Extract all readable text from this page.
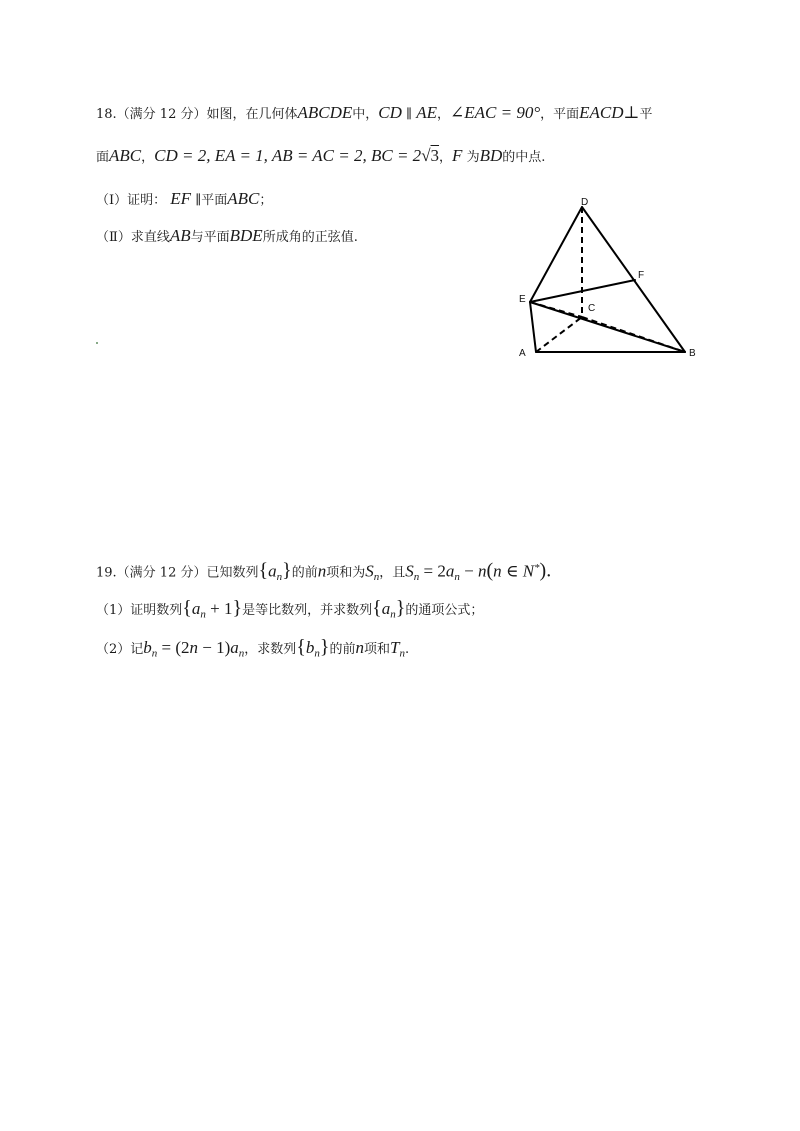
18.（满分 12 分）如图，在几何体ABCDE中，CD ∥ AE，∠EAC = 90°，平面EACD⊥平
面ABC，CD = 2, EA = 1, AB = AC = 2, BC = 2√3，F 为BD的中点.
（Ⅰ）证明： EF ∥平面ABC；
（Ⅱ）求直线AB与平面BDE所成角的正弦值.
D
F
E
C
A	B
19.（满分 12 分）已知数列$\{a_n\}$的前n项和为$S_n$，且$S_n = 2a_n - n(n$ ∈ N*).
（1）证明数列$\{a_n + 1\}$是等比数列，并求数列$\{a_n\}$的通项公式；
（2）记$b_n = (2n - 1)a_n$，求数列$\{b_n\}$的前n项和$T_n$.
